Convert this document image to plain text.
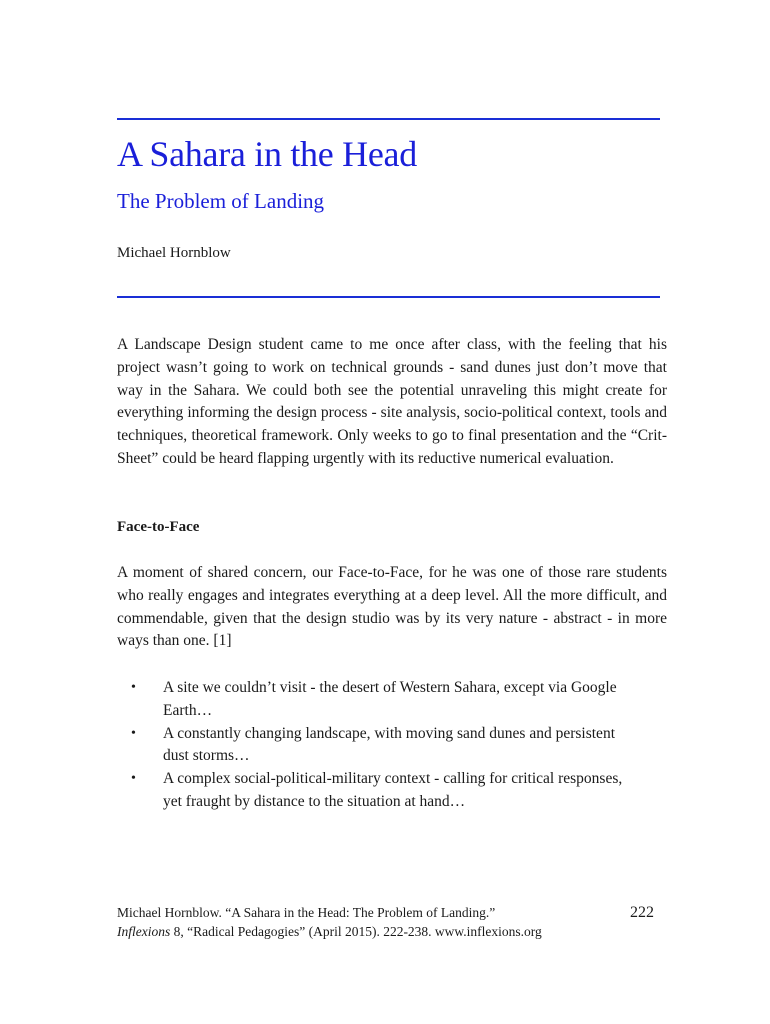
A Sahara in the Head
The Problem of Landing
Michael Hornblow

A Landscape Design student came to me once after class, with the feeling that his project wasn’t going to work on technical grounds - sand dunes just don’t move that way in the Sahara. We could both see the potential unraveling this might create for everything informing the design process - site analysis, socio-political context, tools and techniques, theoretical framework. Only weeks to go to final presentation and the “Crit-Sheet” could be heard flapping urgently with its reductive numerical evaluation.

Face-to-Face

A moment of shared concern, our Face-to-Face, for he was one of those rare students who really engages and integrates everything at a deep level. All the more difficult, and commendable, given that the design studio was by its very nature - abstract - in more ways than one. [1]

• A site we couldn’t visit - the desert of Western Sahara, except via Google Earth…
• A constantly changing landscape, with moving sand dunes and persistent dust storms…
• A complex social-political-military context - calling for critical responses, yet fraught by distance to the situation at hand…
Michael Hornblow. “A Sahara in the Head: The Problem of Landing.”
Inflexions 8, “Radical Pedagogies” (April 2015). 222-238. www.inflexions.org
222
